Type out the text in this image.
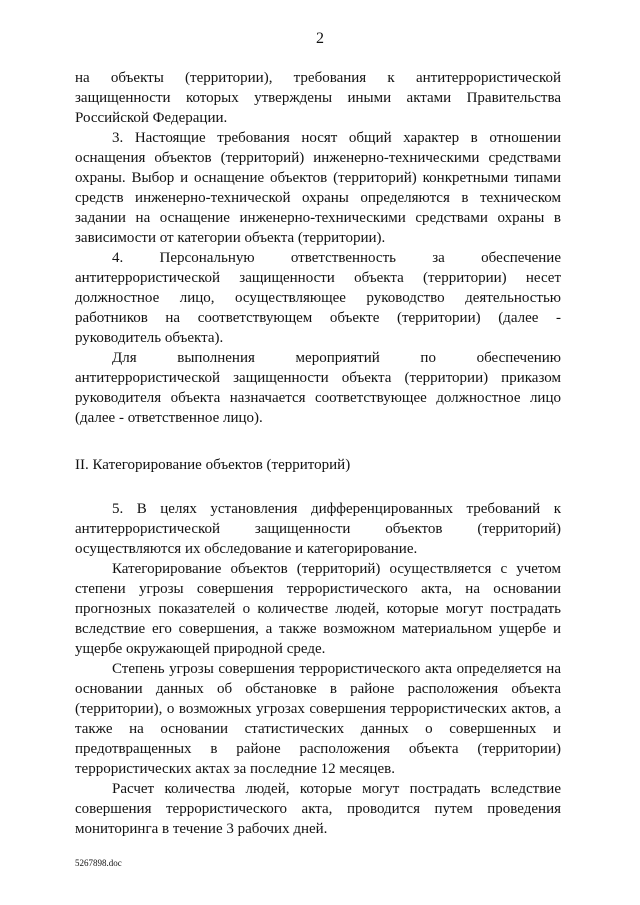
2

на объекты (территории), требования к антитеррористической защищенности которых утверждены иными актами Правительства Российской Федерации.

3. Настоящие требования носят общий характер в отношении оснащения объектов (территорий) инженерно-техническими средствами охраны. Выбор и оснащение объектов (территорий) конкретными типами средств инженерно-технической охраны определяются в техническом задании на оснащение инженерно-техническими средствами охраны в зависимости от категории объекта (территории).

4. Персональную ответственность за обеспечение антитеррористической защищенности объекта (территории) несет должностное лицо, осуществляющее руководство деятельностью работников на соответствующем объекте (территории) (далее - руководитель объекта).

Для выполнения мероприятий по обеспечению антитеррористической защищенности объекта (территории) приказом руководителя объекта назначается соответствующее должностное лицо (далее - ответственное лицо).

II. Категорирование объектов (территорий)

5. В целях установления дифференцированных требований к антитеррористической защищенности объектов (территорий) осуществляются их обследование и категорирование.

Категорирование объектов (территорий) осуществляется с учетом степени угрозы совершения террористического акта, на основании прогнозных показателей о количестве людей, которые могут пострадать вследствие его совершения, а также возможном материальном ущербе и ущербе окружающей природной среде.

Степень угрозы совершения террористического акта определяется на основании данных об обстановке в районе расположения объекта (территории), о возможных угрозах совершения террористических актов, а также на основании статистических данных о совершенных и предотвращенных в районе расположения объекта (территории) террористических актах за последние 12 месяцев.

Расчет количества людей, которые могут пострадать вследствие совершения террористического акта, проводится путем проведения мониторинга в течение 3 рабочих дней.

5267898.doc
